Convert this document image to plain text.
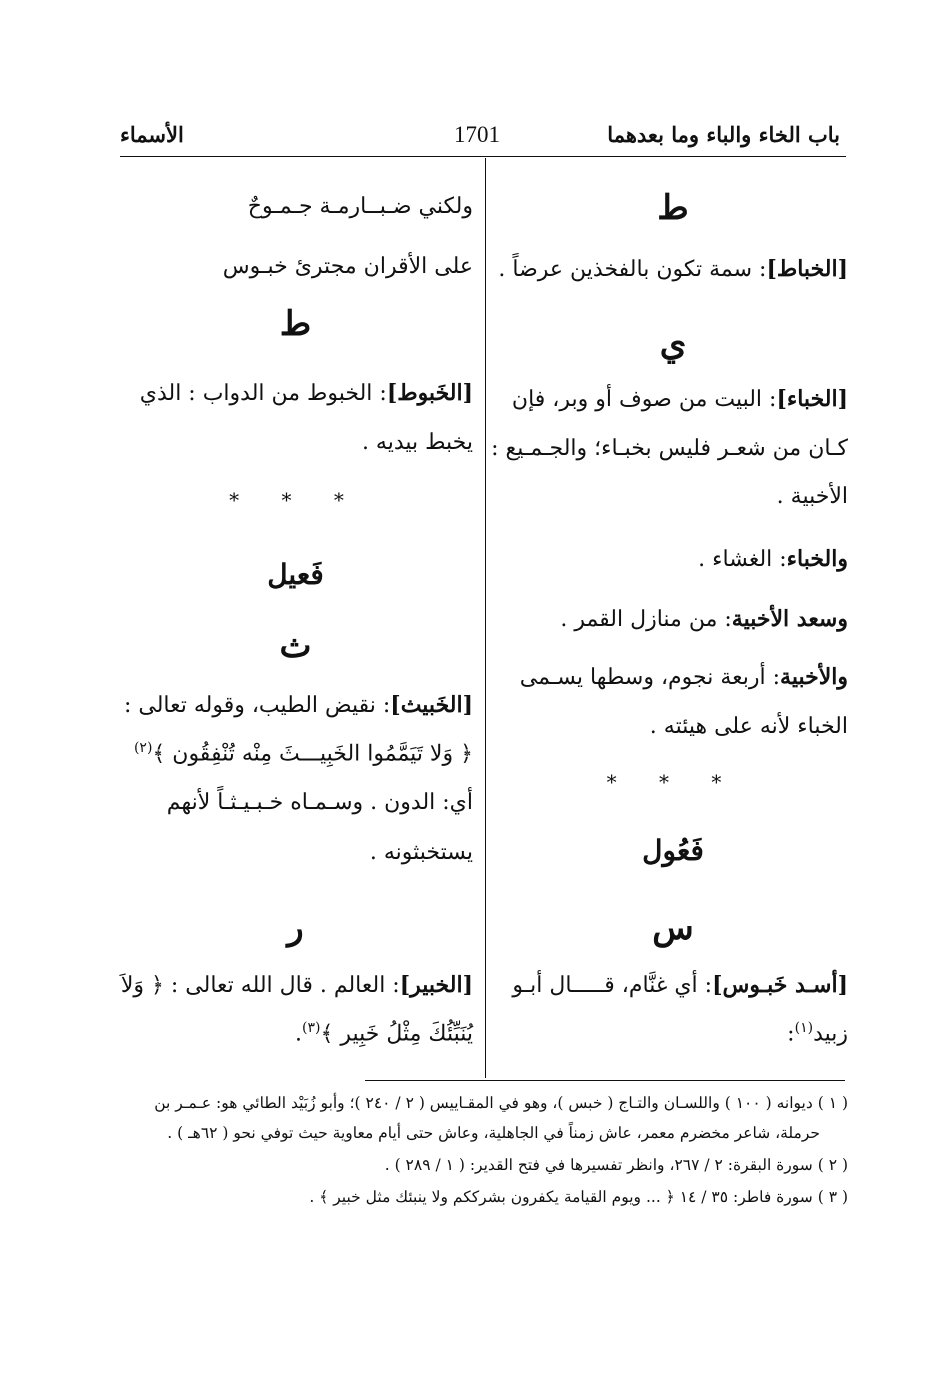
باب الخاء والباء وما بعدهما
1701
الأسماء
ط
[الخباط]: سمة تكون بالفخذين عرضاً .
ي
[الخباء]: البيت من صوف أو وبر، فإن
كـان من شعـر فليس بخبـاء؛ والجـمـيع :
الأخبية .
والخباء: الغشاء .
وسعد الأخبية: من منازل القمر .
والأخبية: أربعة نجوم، وسطها يسـمى
الخباء لأنه على هيئته .
* * *
فَعُول
س
[أسـد خَبـوس]: أي غنَّام، قـــــال أبـو
زبيد$^{(١)}$:
ولكني ضـبــارمـة جـمـوحٌ
على الأقران مجترئ خبـوس
ط
[الخَبوط]: الخبوط من الدواب : الذي
يخبط بيديه .
* * *
فَعيل
ث
[الخَبيث]: نقيض الطيب، وقوله تعالى :
﴿ وَلا تَيَمَّمُوا الخَبِيـــثَ مِنْه تُنْفِقُون ﴾$^{(٢)}$
أي: الدون . وسـمـاه خـبـيـثـاً لأنهم
يستخبثونه .
ر
[الخبير]: العالم . قال الله تعالى : ﴿ وَلاَ
يُنَبِّئُكَ مِثْلُ خَبِير ﴾$^{(٣)}$.
( ١ ) ديوانه ( ١٠٠ ) واللسـان والتـاج ( خبس )، وهو في المقـاييس ( ٢ / ٢٤٠ )؛ وأبو زُبَيْد الطائي هو: عـمـر بن
حرملة، شاعر مخضرم معمر، عاش زمناً في الجاهلية، وعاش حتى أيام معاوية حيث توفي نحو ( ٦٢هـ ) .
( ٢ ) سورة البقرة: ٢ / ٢٦٧، وانظر تفسيرها في فتح القدير: ( ١ / ٢٨٩ ) .
( ٣ ) سورة فاطر: ٣٥ / ١٤ ﴿ ... ويوم القيامة يكفرون بشرككم ولا ينبئك مثل خبير ﴾ .
